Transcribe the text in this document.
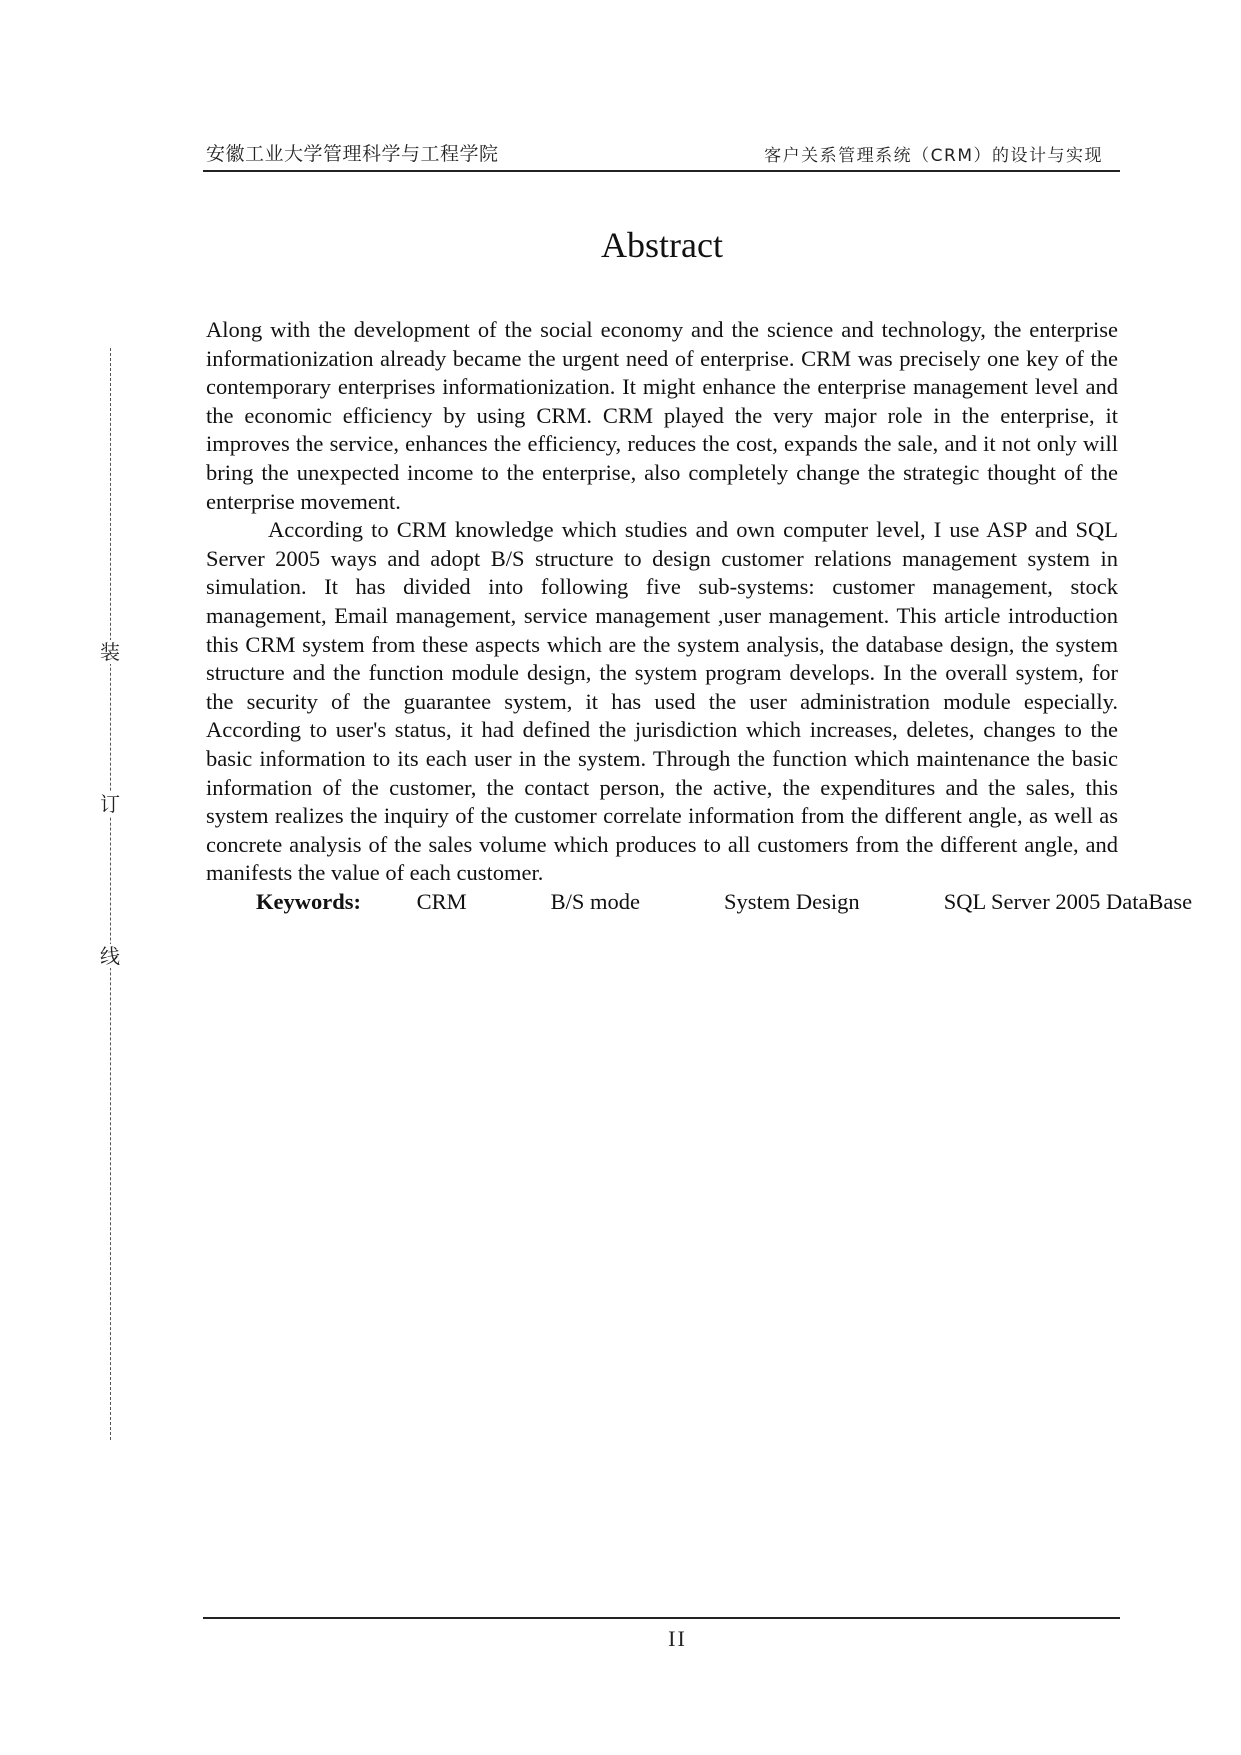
安徽工业大学管理科学与工程学院	客户关系管理系统（CRM）的设计与实现
装
订
线
Abstract

Along with the development of the social economy and the science and technology, the enterprise informationization already became the urgent need of enterprise. CRM was precisely one key of the contemporary enterprises informationization. It might enhance the enterprise management level and the economic efficiency by using CRM. CRM played the very major role in the enterprise, it improves the service, enhances the efficiency, reduces the cost, expands the sale, and it not only will bring the unexpected income to the enterprise, also completely change the strategic thought of the enterprise movement.

According to CRM knowledge which studies and own computer level, I use ASP and SQL Server 2005 ways and adopt B/S structure to design customer relations management system in simulation. It has divided into following five sub-systems: customer management, stock management, Email management, service management ,user management. This article introduction this CRM system from these aspects which are the system analysis, the database design, the system structure and the function module design, the system program develops. In the overall system, for the security of the guarantee system, it has used the user administration module especially. According to user's status, it had defined the jurisdiction which increases, deletes, changes to the basic information to its each user in the system. Through the function which maintenance the basic information of the customer, the contact person, the active, the expenditures and the sales, this system realizes the inquiry of the customer correlate information from the different angle, as well as concrete analysis of the sales volume which produces to all customers from the different angle, and manifests the value of each customer.

Keywords: CRM	B/S mode	System Design	SQL Server 2005 DataBase

II
